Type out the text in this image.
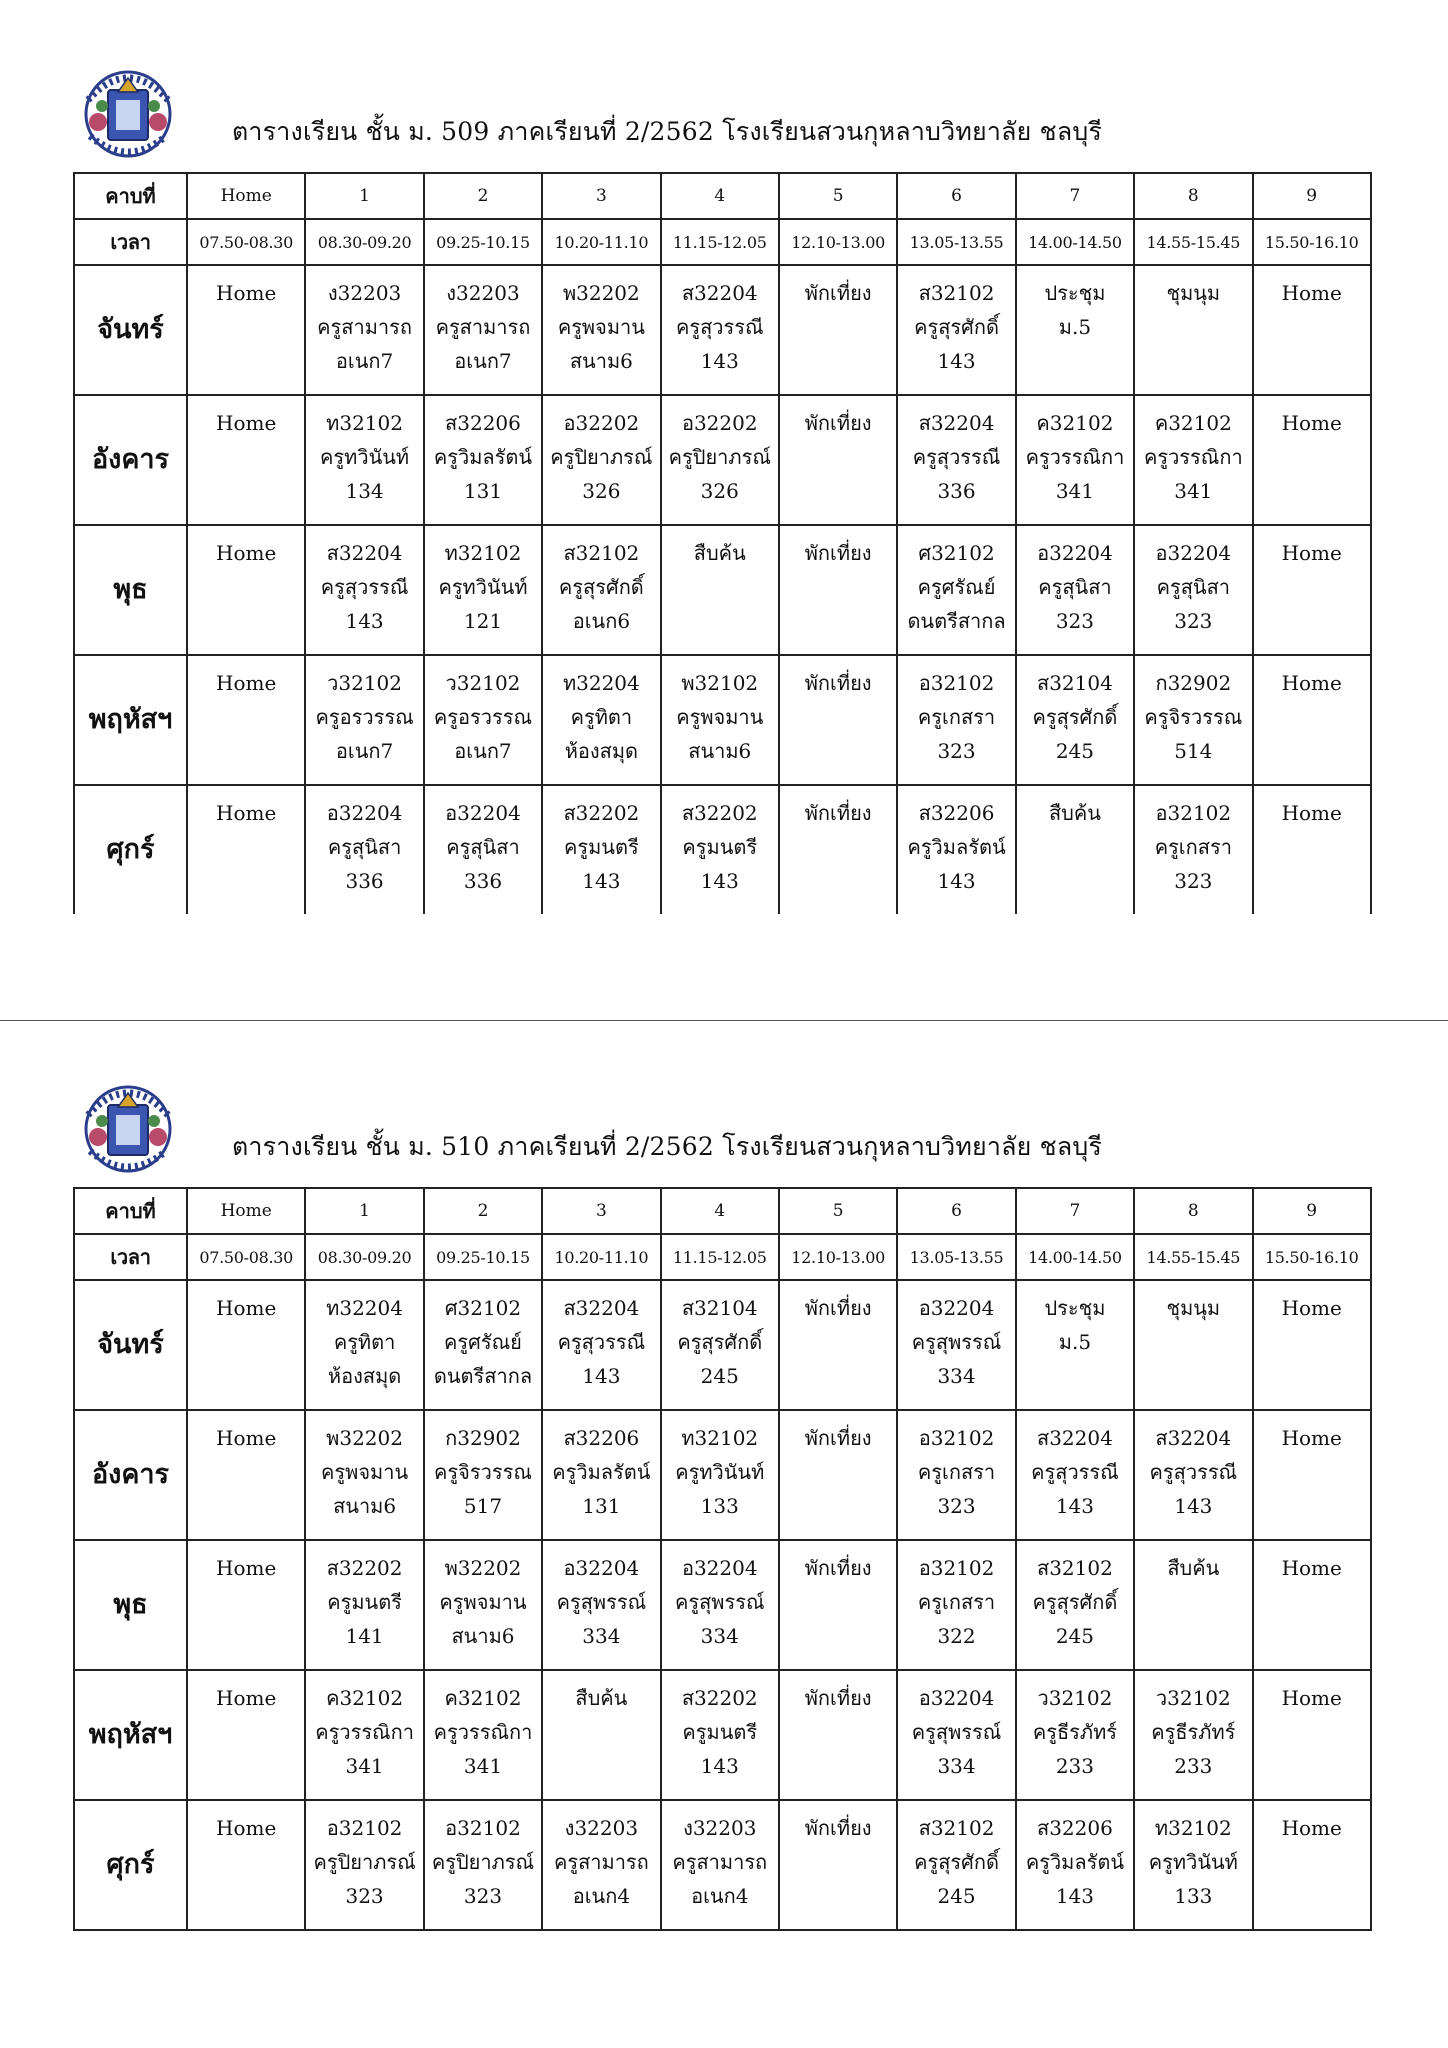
ตารางเรียน ชั้น ม. 509 ภาคเรียนที่ 2/2562 โรงเรียนสวนกุหลาบวิทยาลัย ชลบุรี
คาบที่	Home	1	2	3	4	5	6	7	8	9
เวลา	07.50-08.30	08.30-09.20	09.25-10.15	10.20-11.10	11.15-12.05	12.10-13.00	13.05-13.55	14.00-14.50	14.55-15.45	15.50-16.10
จันทร์	Home	ง32203
ครูสามารถ
อเนก7	ง32203
ครูสามารถ
อเนก7	พ32202
ครูพจมาน
สนาม6	ส32204
ครูสุวรรณี
143	พักเที่ยง	ส32102
ครูสุรศักดิ์
143	ประชุม
ม.5	ชุมนุม	Home

อังคาร	Home	ท32102
ครูทวินันท์
134	ส32206
ครูวิมลรัตน์
131	อ32202
ครูปิยาภรณ์
326	อ32202
ครูปิยาภรณ์
326	พักเที่ยง	ส32204
ครูสุวรรณี
336	ค32102
ครูวรรณิกา
341	ค32102
ครูวรรณิกา
341	Home

พุธ	Home	ส32204
ครูสุวรรณี
143	ท32102
ครูทวินันท์
121	ส32102
ครูสุรศักดิ์
อเนก6	สืบค้น	พักเที่ยง	ศ32102
ครูศรัณย์
ดนตรีสากล	อ32204
ครูสุนิสา
323	อ32204
ครูสุนิสา
323	Home

พฤหัสฯ	Home	ว32102
ครูอรวรรณ
อเนก7	ว32102
ครูอรวรรณ
อเนก7	ท32204
ครูทิตา
ห้องสมุด	พ32102
ครูพจมาน
สนาม6	พักเที่ยง	อ32102
ครูเกสรา
323	ส32104
ครูสุรศักดิ์
245	ก32902
ครูจิรวรรณ
514	Home

ศุกร์	Home	อ32204
ครูสุนิสา
336	อ32204
ครูสุนิสา
336	ส32202
ครูมนตรี
143	ส32202
ครูมนตรี
143	พักเที่ยง	ส32206
ครูวิมลรัตน์
143	สืบค้น	อ32102
ครูเกสรา
323	Home
ตารางเรียน ชั้น ม. 510 ภาคเรียนที่ 2/2562 โรงเรียนสวนกุหลาบวิทยาลัย ชลบุรี
คาบที่	Home	1	2	3	4	5	6	7	8	9
เวลา	07.50-08.30	08.30-09.20	09.25-10.15	10.20-11.10	11.15-12.05	12.10-13.00	13.05-13.55	14.00-14.50	14.55-15.45	15.50-16.10
จันทร์	Home	ท32204
ครูทิตา
ห้องสมุด	ศ32102
ครูศรัณย์
ดนตรีสากล	ส32204
ครูสุวรรณี
143	ส32104
ครูสุรศักดิ์
245	พักเที่ยง	อ32204
ครูสุพรรณ์
334	ประชุม
ม.5	ชุมนุม	Home

อังคาร	Home	พ32202
ครูพจมาน
สนาม6	ก32902
ครูจิรวรรณ
517	ส32206
ครูวิมลรัตน์
131	ท32102
ครูทวินันท์
133	พักเที่ยง	อ32102
ครูเกสรา
323	ส32204
ครูสุวรรณี
143	ส32204
ครูสุวรรณี
143	Home

พุธ	Home	ส32202
ครูมนตรี
141	พ32202
ครูพจมาน
สนาม6	อ32204
ครูสุพรรณ์
334	อ32204
ครูสุพรรณ์
334	พักเที่ยง	อ32102
ครูเกสรา
322	ส32102
ครูสุรศักดิ์
245	สืบค้น	Home

พฤหัสฯ	Home	ค32102
ครูวรรณิกา
341	ค32102
ครูวรรณิกา
341	สืบค้น	ส32202
ครูมนตรี
143	พักเที่ยง	อ32204
ครูสุพรรณ์
334	ว32102
ครูธีรภัทร์
233	ว32102
ครูธีรภัทร์
233	Home

ศุกร์	Home	อ32102
ครูปิยาภรณ์
323	อ32102
ครูปิยาภรณ์
323	ง32203
ครูสามารถ
อเนก4	ง32203
ครูสามารถ
อเนก4	พักเที่ยง	ส32102
ครูสุรศักดิ์
245	ส32206
ครูวิมลรัตน์
143	ท32102
ครูทวินันท์
133	Home
